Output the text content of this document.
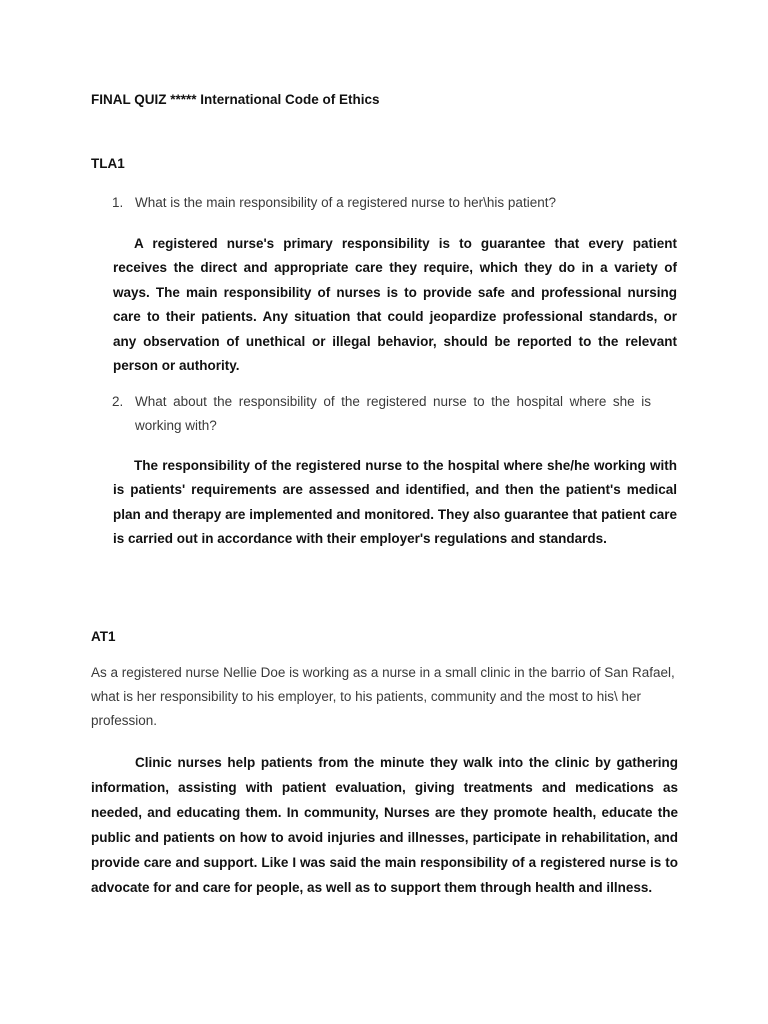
FINAL QUIZ ***** International Code of Ethics
TLA1
1. What is the main responsibility of a registered nurse to her\his patient?

A registered nurse's primary responsibility is to guarantee that every patient receives the direct and appropriate care they require, which they do in a variety of ways. The main responsibility of nurses is to provide safe and professional nursing care to their patients. Any situation that could jeopardize professional standards, or any observation of unethical or illegal behavior, should be reported to the relevant person or authority.

2. What about the responsibility of the registered nurse to the hospital where she is working with?

The responsibility of the registered nurse to the hospital where she/he working with is patients' requirements are assessed and identified, and then the patient's medical plan and therapy are implemented and monitored. They also guarantee that patient care is carried out in accordance with their employer's regulations and standards.

AT1

As a registered nurse Nellie Doe is working as a nurse in a small clinic in the barrio of San Rafael, what is her responsibility to his employer, to his patients, community and the most to his\ her profession.

Clinic nurses help patients from the minute they walk into the clinic by gathering information, assisting with patient evaluation, giving treatments and medications as needed, and educating them. In community, Nurses are they promote health, educate the public and patients on how to avoid injuries and illnesses, participate in rehabilitation, and provide care and support. Like I was said the main responsibility of a registered nurse is to advocate for and care for people, as well as to support them through health and illness.
